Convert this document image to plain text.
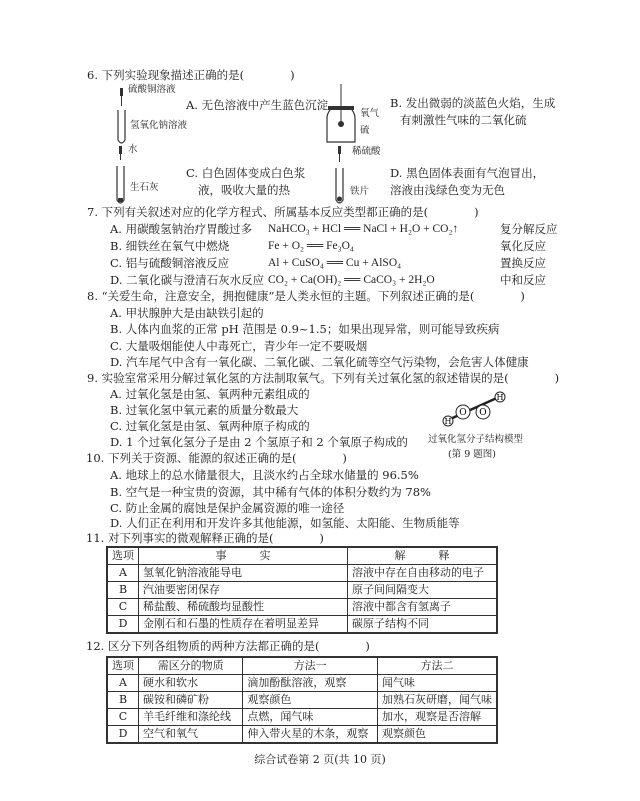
6. 下列实验现象描述正确的是(　　　　)
硫酸铜溶液
氢氧化钠溶液
A. 无色溶液中产生蓝色沉淀
氧气
硫
B. 发出微弱的淡蓝色火焰，生成
有刺激性气味的二氧化硫
水
生石灰
C. 白色固体变成白色浆
液，吸收大量的热
稀硫酸
铁片
D. 黑色固体表面有气泡冒出，
溶液由浅绿色变为无色
7. 下列有关叙述对应的化学方程式、所属基本反应类型都正确的是(　　　　)
A. 用碳酸氢钠治疗胃酸过多 NaHCO₃ + HCl ══ NaCl + H₂O + CO₂↑	复分解反应
B. 细铁丝在氧气中燃烧	Fe + O₂ ══ Fe₃O₄	氧化反应
C. 铝与硫酸铜溶液反应	Al + CuSO₄ ══ Cu + AlSO₄	置换反应
D. 二氧化碳与澄清石灰水反应 CO₂ + Ca(OH)₂ ══ CaCO₃ + 2H₂O	中和反应
8. “关爱生命，注意安全，拥抱健康”是人类永恒的主题。下列叙述正确的是(　　　　)
A. 甲状腺肿大是由缺铁引起的
B. 人体内血浆的正常 pH 范围是 0.9~1.5；如果出现异常，则可能导致疾病
C. 大量吸烟能使人中毒死亡，青少年一定不要吸烟
D. 汽车尾气中含有一氧化碳、二氧化碳、二氧化硫等空气污染物，会危害人体健康
9. 实验室常采用分解过氧化氢的方法制取氧气。下列有关过氧化氢的叙述错误的是(　　　　)
A. 过氧化氢是由氢、氧两种元素组成的
B. 过氧化氢中氧元素的质量分数最大
C. 过氧化氢是由氢、氧两种原子构成的
D. 1 个过氧化氢分子是由 2 个氢原子和 2 个氧原子构成的
H
O O
H
过氧化氢分子结构模型
(第 9 题图)
10. 下列关于资源、能源的叙述正确的是(　　　　)
A. 地球上的总水储量很大，且淡水约占全球水储量的 96.5%
B. 空气是一种宝贵的资源，其中稀有气体的体积分数约为 78%
C. 防止金属的腐蚀是保护金属资源的唯一途径
D. 人们正在利用和开发许多其他能源，如氢能、太阳能、生物质能等
11. 对下列事实的微观解释正确的是(　　　　)
选项	事　　　实	解　　　释
A	氢氧化钠溶液能导电	溶液中存在自由移动的电子
B	汽油要密闭保存	原子间间隔变大
C	稀盐酸、稀硫酸均显酸性	溶液中都含有氢离子
D	金刚石和石墨的性质存在着明显差异	碳原子结构不同
12. 区分下列各组物质的两种方法都正确的是(　　　　)
选项	需区分的物质	方法一	方法二
A	硬水和软水	滴加酚酞溶液，观察	闻气味
B	碳铵和磷矿粉	观察颜色	加熟石灰研磨，闻气味
C	羊毛纤维和涤纶线	点燃，闻气味	加水，观察是否溶解
D	空气和氧气	伸入带火星的木条，观察	观察颜色
综合试卷第 2 页(共 10 页)
